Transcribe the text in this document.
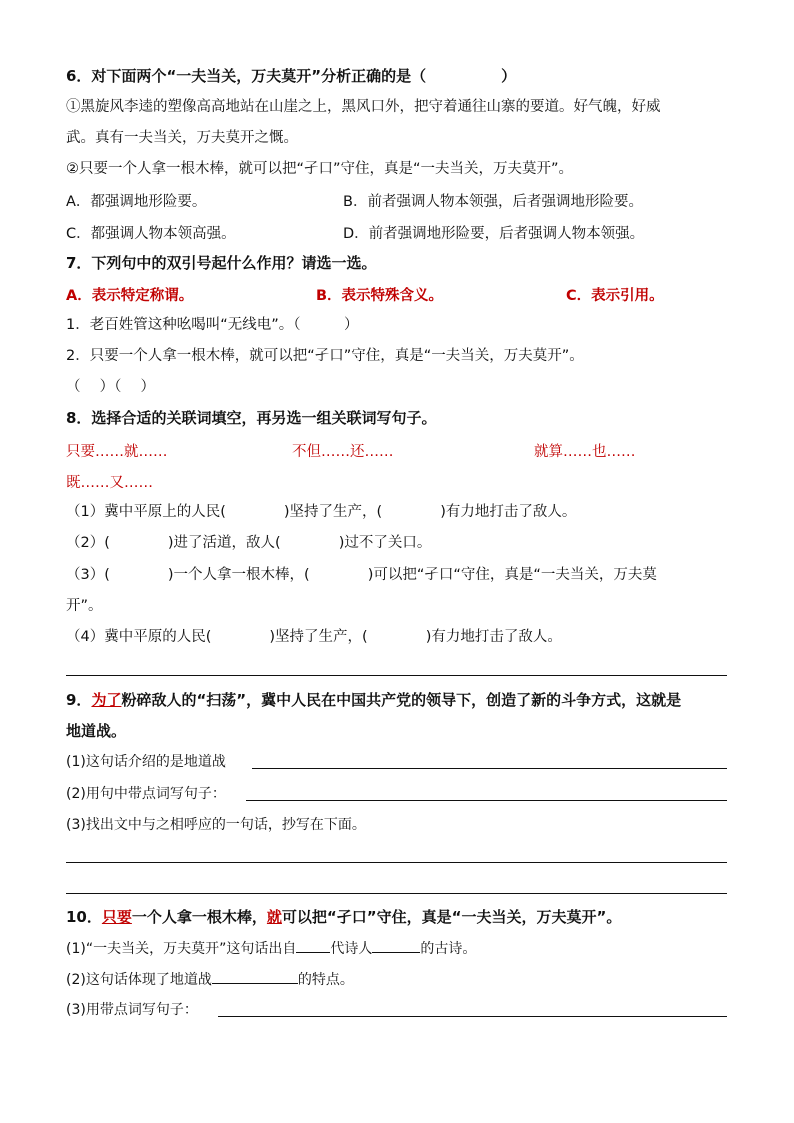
6．对下面两个“一夫当关，万夫莫开”分析正确的是（　　　　　）
①黑旋风李逵的塑像高高地站在山崖之上，黑风口外，把守着通往山寨的要道。好气魄，好威
武。真有一夫当关，万夫莫开之慨。
②只要一个人拿一根木棒，就可以把“孑口”守住，真是“一夫当关，万夫莫开”。
A．都强调地形险要。	B．前者强调人物本领强，后者强调地形险要。
C．都强调人物本领高强。	D．前者强调地形险要，后者强调人物本领强。
7．下列句中的双引号起什么作用？请选一选。
A．表示特定称谓。	B．表示特殊含义。	C．表示引用。
1．老百姓管这种吆喝叫“无线电”。（　　　）
2．只要一个人拿一根木棒，就可以把“孑口”守住，真是“一夫当关，万夫莫开”。
（　 ）（　 ）
8．选择合适的关联词填空，再另选一组关联词写句子。
只要……就……	不但……还……	就算……也……
既……又……
（1）冀中平原上的人民(　　　　)坚持了生产，(　　　　)有力地打击了敌人。
（2）(　　　　)进了活道，敌人(　　　　)过不了关口。
（3）(　　　　)一个人拿一根木棒，(　　　　)可以把“孑口“守住，真是“一夫当关，万夫莫
开”。
（4）冀中平原的人民(　　　　)坚持了生产，(　　　　)有力地打击了敌人。
9．为了粉碎敌人的“扫荡”，冀中人民在中国共产党的领导下，创造了新的斗争方式，这就是
地道战。
(1)这句话介绍的是地道战
(2)用句中带点词写句子：
(3)找出文中与之相呼应的一句话，抄写在下面。
10．只要一个人拿一根木棒，就可以把“孑口”守住，真是“一夫当关，万夫莫开”。
(1)“一夫当关，万夫莫开”这句话出自 代诗人	的古诗。
(2)这句话体现了地道战	的特点。
(3)用带点词写句子：
